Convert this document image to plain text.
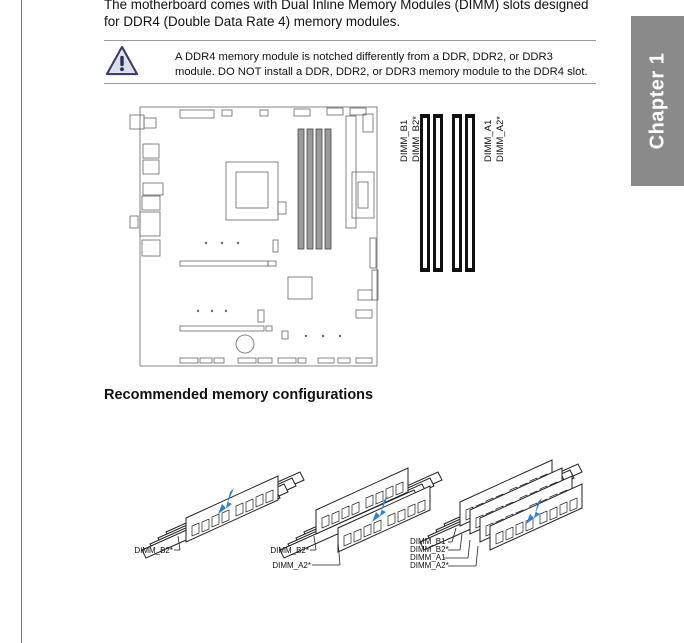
The motherboard comes with Dual Inline Memory Modules (DIMM) slots designed for DDR4 (Double Data Rate 4) memory modules.
A DDR4 memory module is notched differently from a DDR, DDR2, or DDR3 module. DO NOT install a DDR, DDR2, or DDR3 memory module to the DDR4 slot.	Chapter 1
DIMM_B1 DIMM_B2*	DIMM_A1 DIMM_A2*
Recommended memory configurations
DIMM_B2*	DIMM_B2*
DIMM_A2*
DIMM_B1
DIMM_B2*
DIMM_A1
DIMM_A2*
